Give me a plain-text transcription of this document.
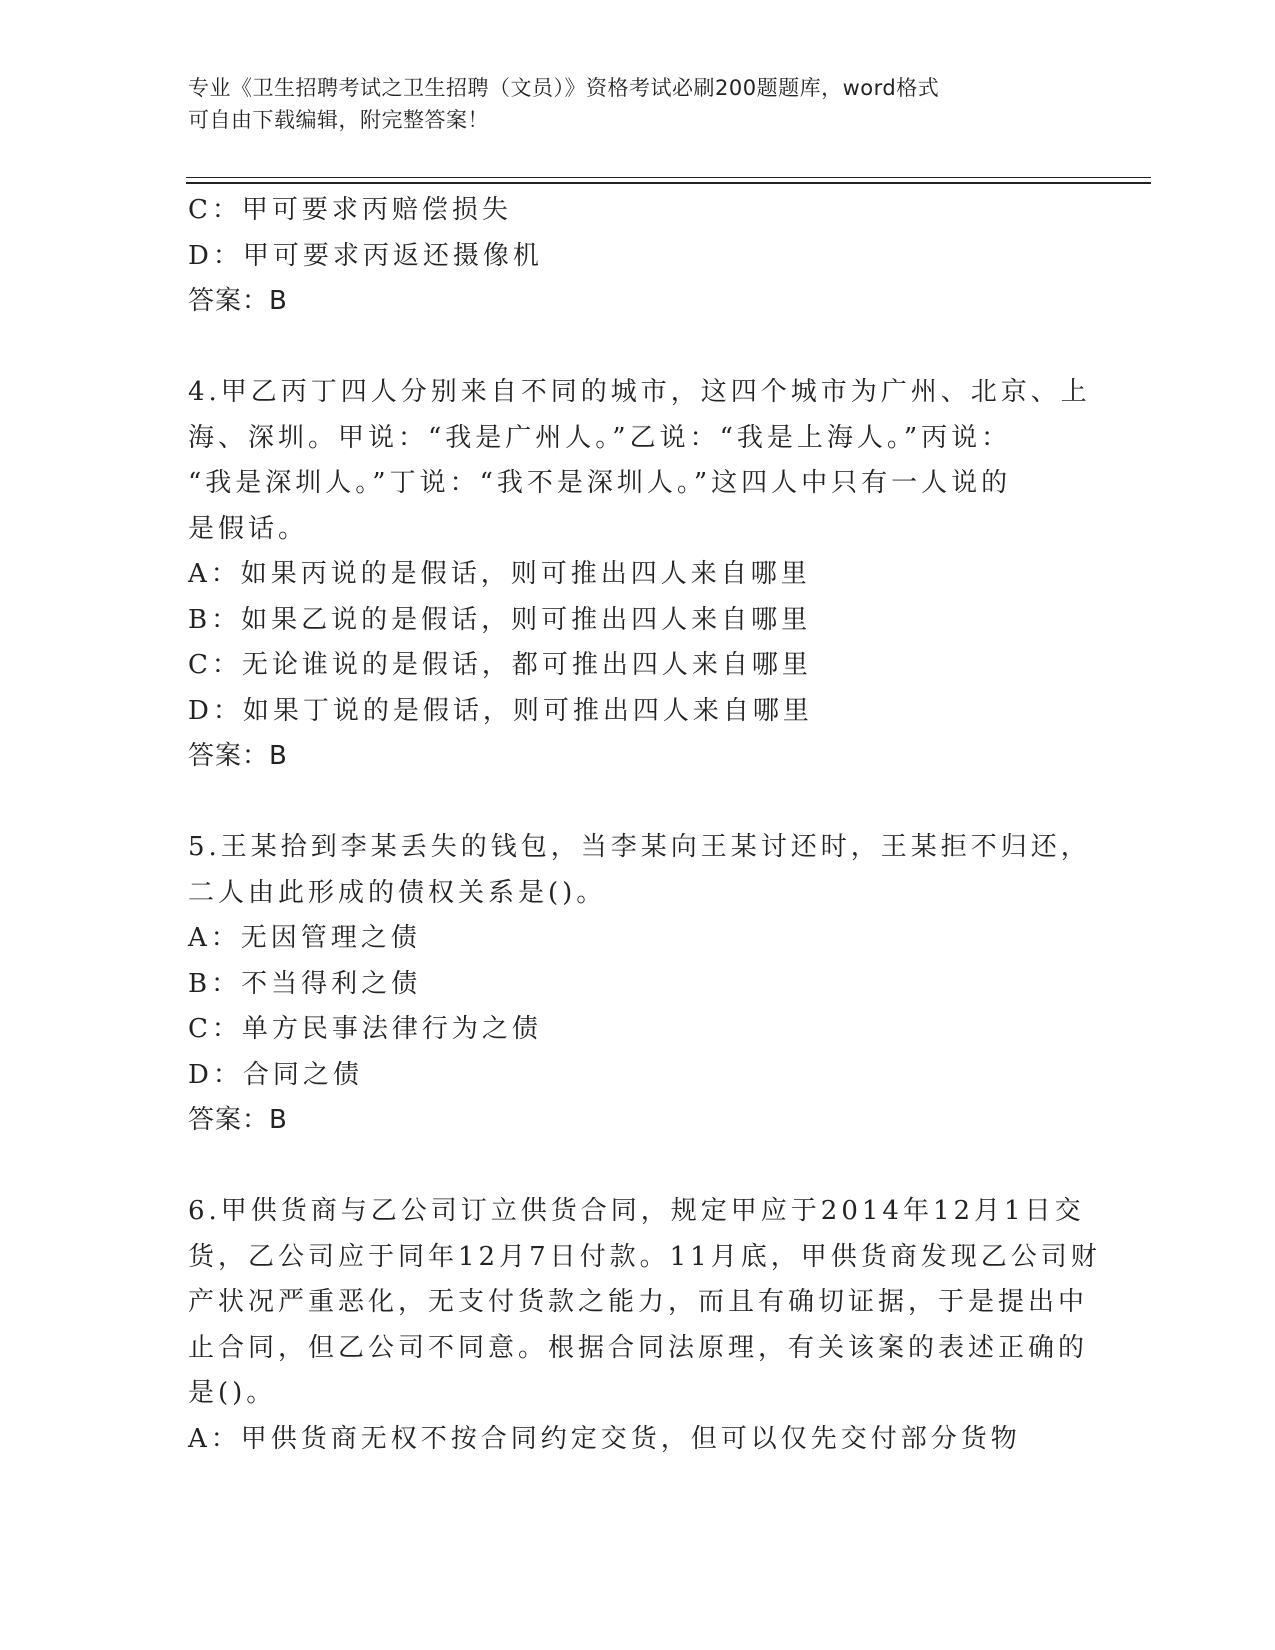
专业《卫生招聘考试之卫生招聘（文员）》资格考试必刷200题题库，word格式
可自由下载编辑，附完整答案！
C：甲可要求丙赔偿损失
D：甲可要求丙返还摄像机
答案：B
4.甲乙丙丁四人分别来自不同的城市，这四个城市为广州、北京、上
海、深圳。甲说：“我是广州人。”乙说：“我是上海人。”丙说：
“我是深圳人。”丁说：“我不是深圳人。”这四人中只有一人说的
是假话。
A：如果丙说的是假话，则可推出四人来自哪里
B：如果乙说的是假话，则可推出四人来自哪里
C：无论谁说的是假话，都可推出四人来自哪里
D：如果丁说的是假话，则可推出四人来自哪里
答案：B
5.王某拾到李某丢失的钱包，当李某向王某讨还时，王某拒不归还，
二人由此形成的债权关系是()。
A：无因管理之债
B：不当得利之债
C：单方民事法律行为之债
D：合同之债
答案：B
6.甲供货商与乙公司订立供货合同，规定甲应于2014年12月1日交
货，乙公司应于同年12月7日付款。11月底，甲供货商发现乙公司财
产状况严重恶化，无支付货款之能力，而且有确切证据，于是提出中
止合同，但乙公司不同意。根据合同法原理，有关该案的表述正确的
是()。
A：甲供货商无权不按合同约定交货，但可以仅先交付部分货物
